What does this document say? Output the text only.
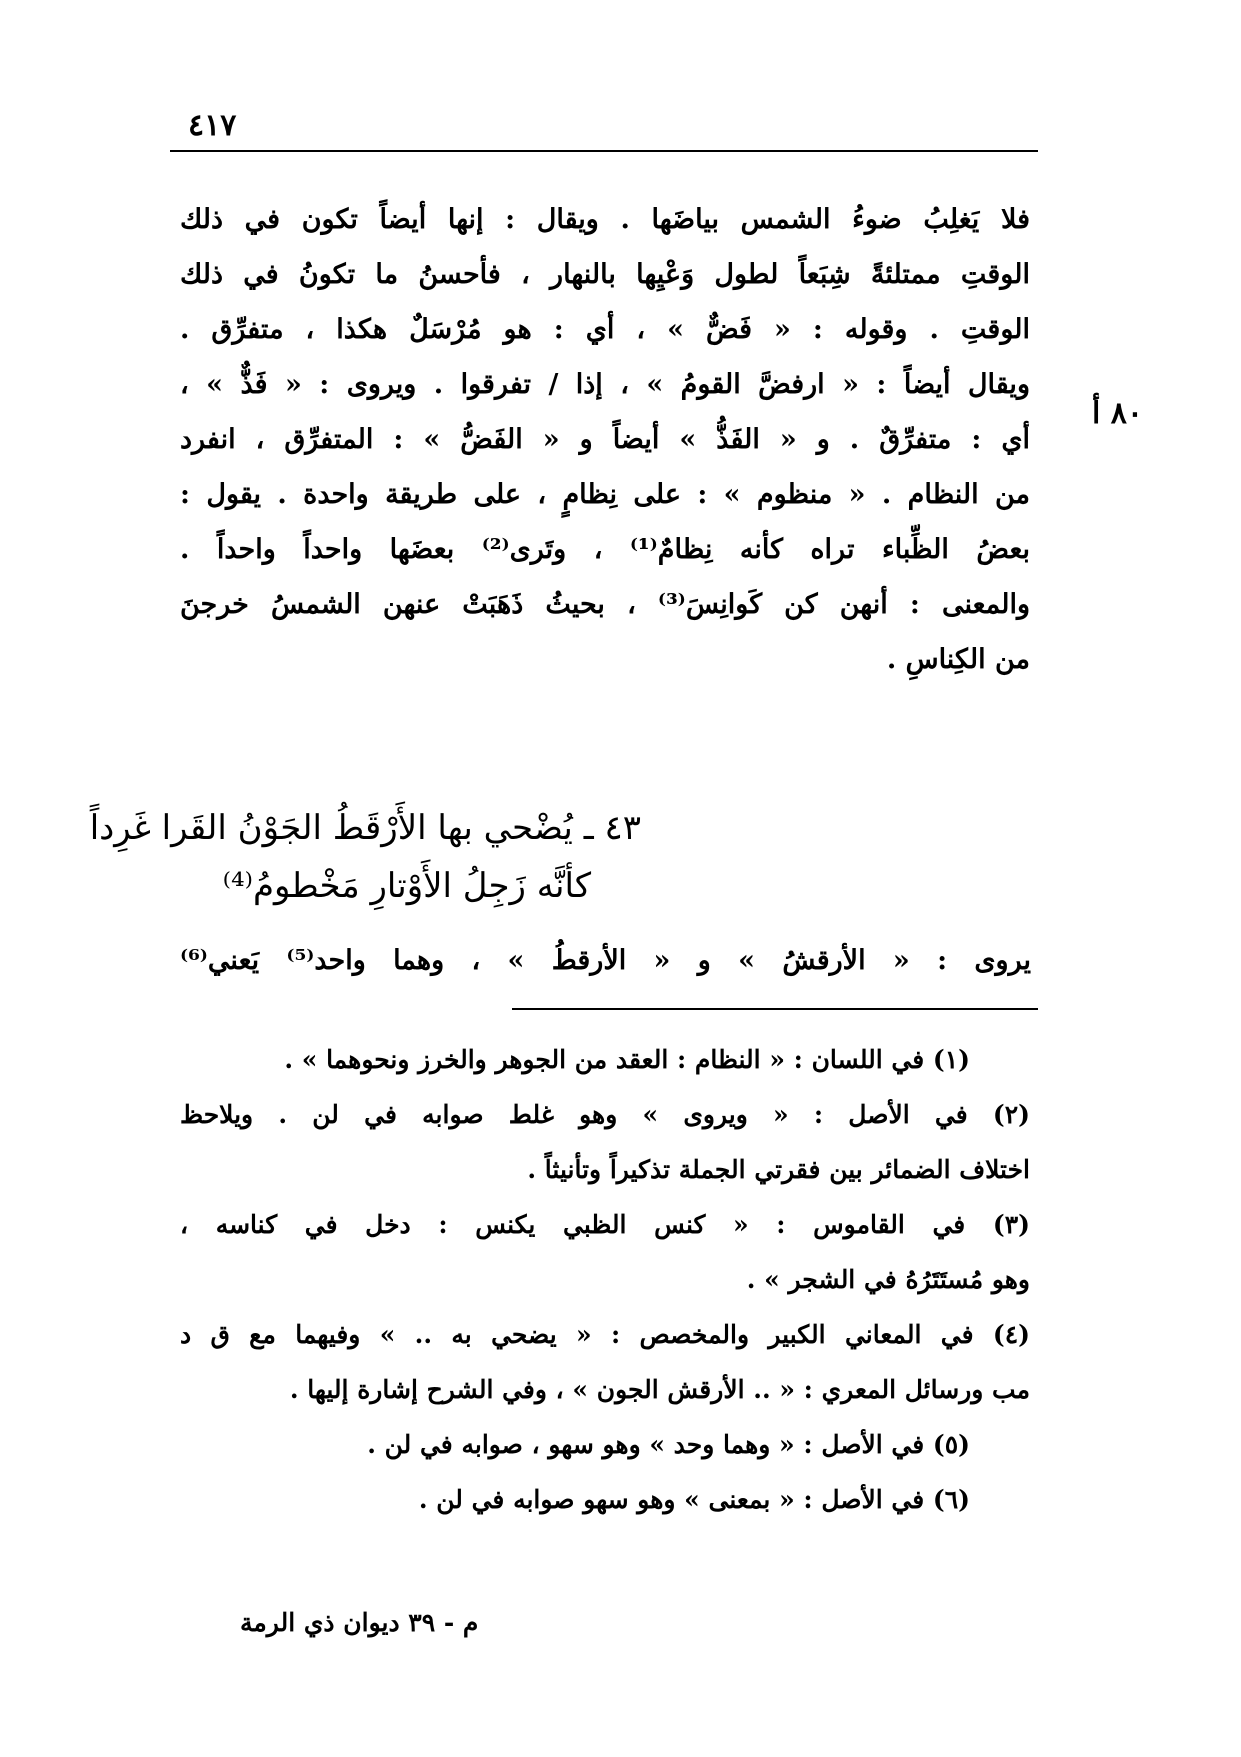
٤١٧
٨٠ أ
فلا يَغلِبُ ضوءُ الشمس بياضَها . ويقال : إنها أيضاً تكون في ذلك
الوقتِ ممتلئةً شِبَعاً لطول وَعْيِها بالنهار ، فأحسنُ ما تكونُ في ذلك
الوقتِ . وقوله : « فَضٌّ » ، أي : هو مُرْسَلٌ هكذا ، متفرِّق .
ويقال أيضاً : « ارفضَّ القومُ » ، إذا / تفرقوا . ويروى : « فَذٌّ » ،
أي : متفرِّقٌ . و « الفَذُّ » أيضاً و « الفَضُّ » : المتفرِّق ، انفرد
من النظام . « منظوم » : على نِظامٍ ، على طريقة واحدة . يقول :
بعضُ الظِّباء تراه كأنه نِظامٌ⁽¹⁾ ، وتَرى⁽²⁾ بعضَها واحداً واحداً .
والمعنى : أنهن كن كَوانِسَ⁽³⁾ ، بحيثُ ذَهَبَتْ عنهن الشمسُ خرجنَ
من الكِناسِ .
٤٣ ـ يُضْحي بها الأَرْقَطُ الجَوْنُ القَرا غَرِداً
كأنَّه زَجِلُ الأَوْتارِ مَخْطومُ⁽⁴⁾
يروى : « الأرقشُ » و « الأرقطُ » ، وهما واحد⁽⁵⁾ يَعني⁽⁶⁾
(١) في اللسان : « النظام : العقد من الجوهر والخرز ونحوهما » .
(٢) في الأصل : « ويروى » وهو غلط صوابه في لن . ويلاحظ
اختلاف الضمائر بين فقرتي الجملة تذكيراً وتأنيثاً .
(٣) في القاموس : « كنس الظبي يكنس : دخل في كناسه ،
وهو مُستَتَرُهُ في الشجر » .
(٤) في المعاني الكبير والمخصص : « يضحي به .. » وفيهما مع ق د
مب ورسائل المعري : « .. الأرقش الجون » ، وفي الشرح إشارة إليها .
(٥) في الأصل : « وهما وحد » وهو سهو ، صوابه في لن .
(٦) في الأصل : « بمعنى » وهو سهو صوابه في لن .
م - ٣٩ ديوان ذي الرمة
